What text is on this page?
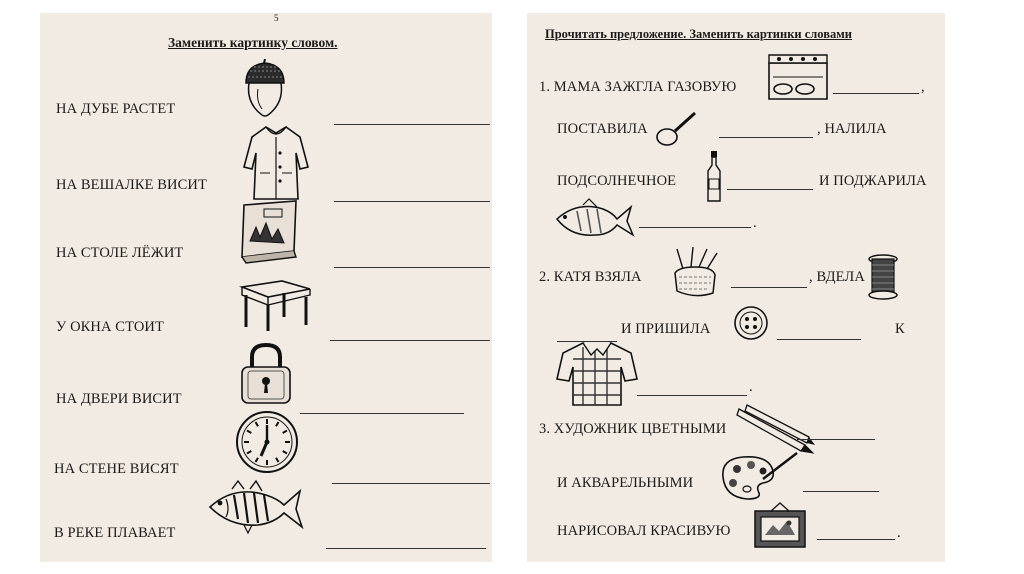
5
Заменить картинку словом.
НА ДУБЕ РАСТЕТ
НА ВЕШАЛКЕ ВИСИТ
НА СТОЛЕ ЛЁЖИТ
У ОКНА СТОИТ
НА ДВЕРИ ВИСИТ
НА СТЕНЕ ВИСЯТ
В РЕКЕ ПЛАВАЕТ
Прочитать предложение. Заменить картинки словами
1. МАМА ЗАЖГЛА ГАЗОВУЮ	,
ПОСТАВИЛА	, НАЛИЛА
ПОДСОЛНЕЧНОЕ	И ПОДЖАРИЛА
.
2. КАТЯ ВЗЯЛА	, ВДЕЛА
И ПРИШИЛА	К
.
3. ХУДОЖНИК ЦВЕТНЫМИ
И АКВАРЕЛЬНЫМИ
НАРИСОВАЛ КРАСИВУЮ	.
